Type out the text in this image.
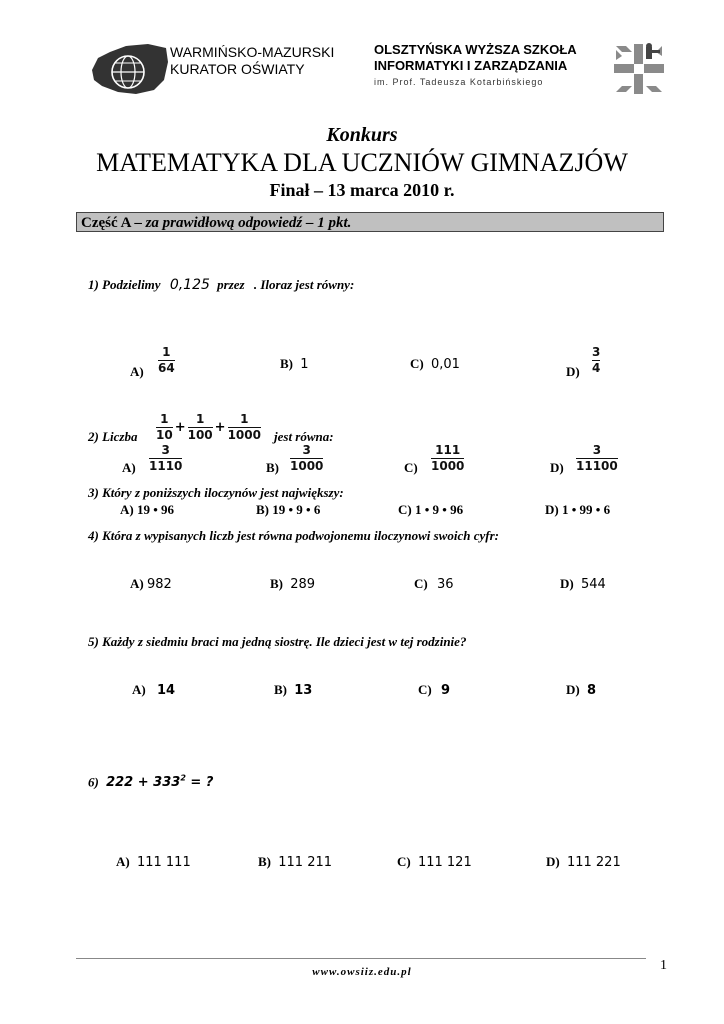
WARMIŃSKO-MAZURSKI
KURATOR OŚWIATY
OLSZTYŃSKA WYŻSZA SZKOŁA
INFORMATYKI I ZARZĄDZANIA
im. Prof. Tadeusza Kotarbińskiego
Konkurs
MATEMATYKA DLA UCZNIÓW GIMNAZJÓW
Finał – 13 marca 2010 r.
Część A – za prawidłową odpowiedź – 1 pkt.
1) Podzielimy 0,125 przez . Iloraz jest równy:
$A) \frac{1}{64}$	B) 1	C) 0,01	$D) \frac{3}{4}$
2) Liczba $\frac{1}{10} + \frac{1}{100} + \frac{1}{1000}$ jest równa:
$A) \frac{3}{1110}$	$B) \frac{3}{1000}$	$C) \frac{111}{1000}$	$D) \frac{3}{11100}$
3) Który z poniższych iloczynów jest największy:
A) 19 • 96	B) 19 • 9 • 6	C) 1 • 9 • 96	D) 1 • 99 • 6
4) Która z wypisanych liczb jest równa podwojonemu iloczynowi swoich cyfr:
A) 982	B) 289	C) 36	D) 544
5) Każdy z siedmiu braci ma jedną siostrę. Ile dzieci jest w tej rodzinie?
A) 14	B) 13	C) 9	D) 8
6) $222 + 333^2$ = ?
A) 111 111	B) 111 211	C) 111 121	D) 111 221
www.owsiiz.edu.pl	1
